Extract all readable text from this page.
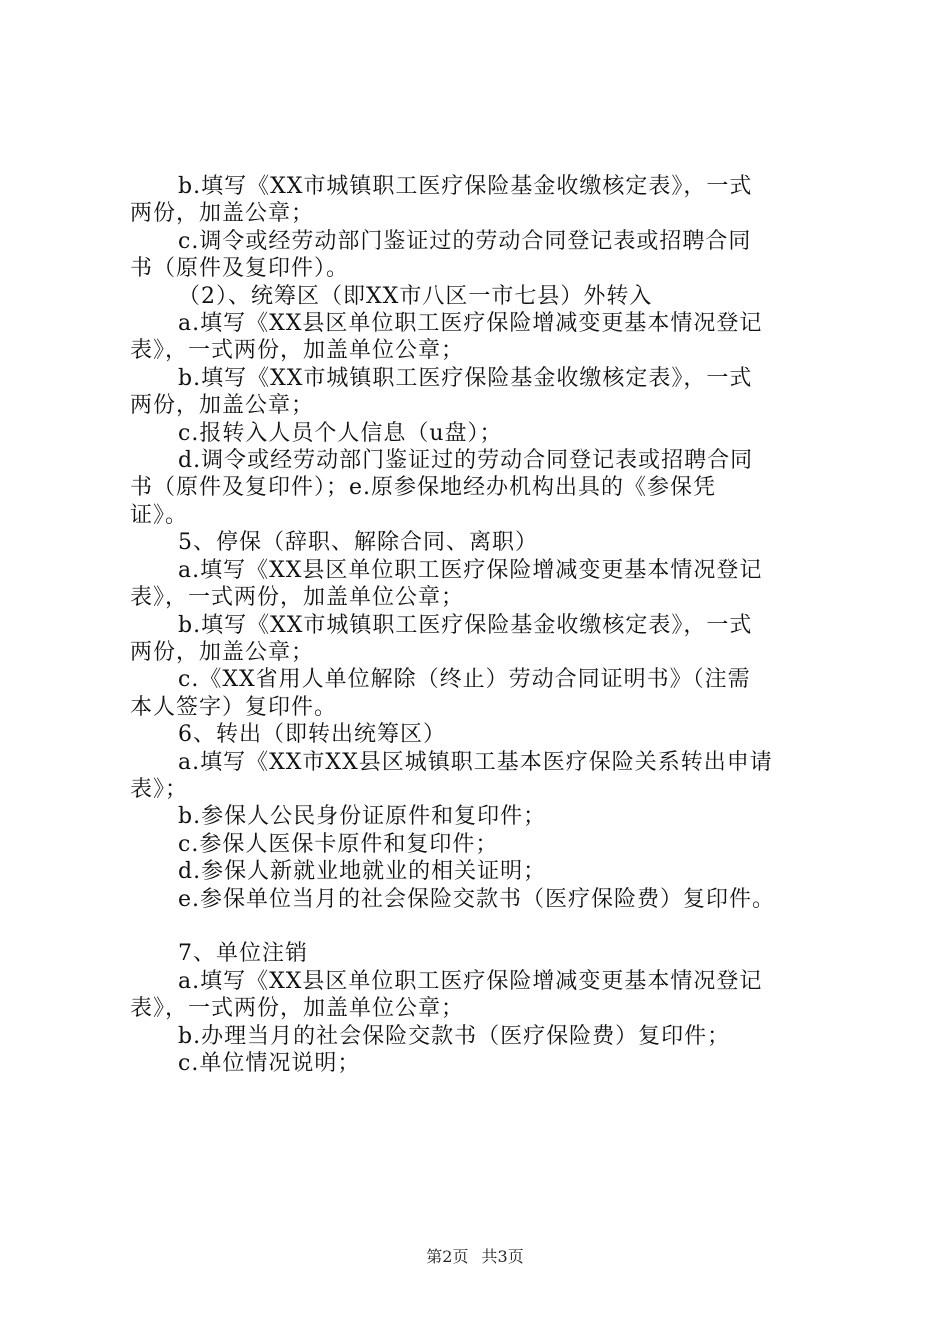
b.填写《XX市城镇职工医疗保险基金收缴核定表》，一式
两份，加盖公章；
c.调令或经劳动部门鉴证过的劳动合同登记表或招聘合同
书（原件及复印件）。
（2）、统筹区（即XX市八区一市七县）外转入
a.填写《XX县区单位职工医疗保险增减变更基本情况登记
表》，一式两份，加盖单位公章；
b.填写《XX市城镇职工医疗保险基金收缴核定表》，一式
两份，加盖公章；
c.报转入人员个人信息（u盘）；
d.调令或经劳动部门鉴证过的劳动合同登记表或招聘合同
书（原件及复印件）；e.原参保地经办机构出具的《参保凭
证》。
5、停保（辞职、解除合同、离职）
a.填写《XX县区单位职工医疗保险增减变更基本情况登记
表》，一式两份，加盖单位公章；
b.填写《XX市城镇职工医疗保险基金收缴核定表》，一式
两份，加盖公章；
c.《XX省用人单位解除（终止）劳动合同证明书》（注需
本人签字）复印件。
6、转出（即转出统筹区）
a.填写《XX市XX县区城镇职工基本医疗保险关系转出申请
表》；
b.参保人公民身份证原件和复印件；
c.参保人医保卡原件和复印件；
d.参保人新就业地就业的相关证明；
e.参保单位当月的社会保险交款书（医疗保险费）复印件。
7、单位注销
a.填写《XX县区单位职工医疗保险增减变更基本情况登记
表》，一式两份，加盖单位公章；
b.办理当月的社会保险交款书（医疗保险费）复印件；
c.单位情况说明；
第2页 共3页
